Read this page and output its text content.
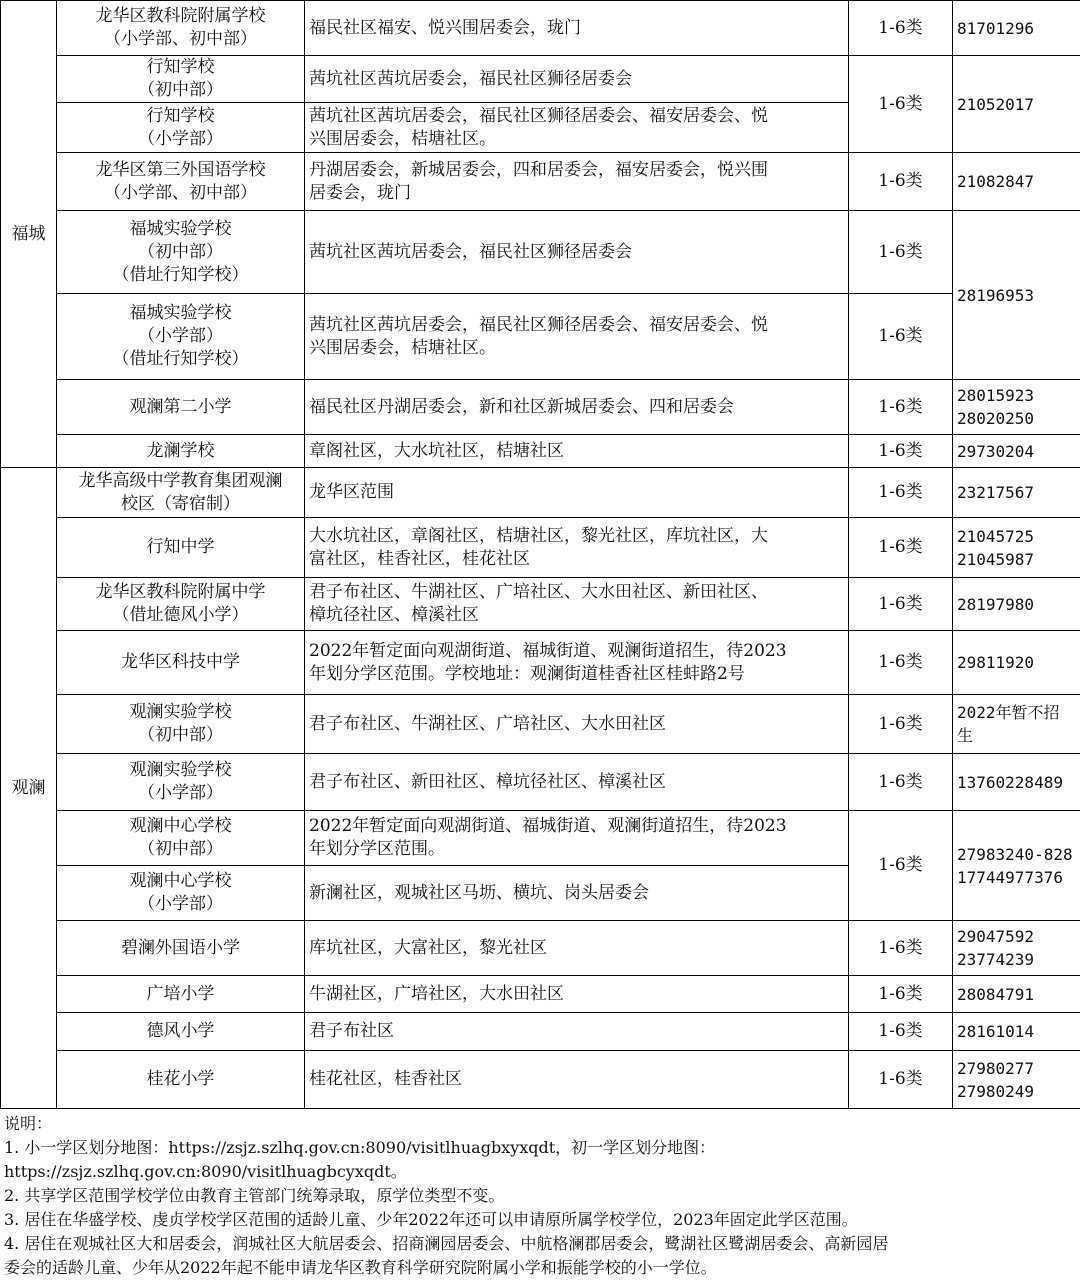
福城	龙华区教科院附属学校
（小学部、初中部）	福民社区福安、悦兴围居委会，珑门	1-6类	81701296

	行知学校
（初中部）	茜坑社区茜坑居委会，福民社区狮径居委会	1-6类	21052017

	行知学校
（小学部）	茜坑社区茜坑居委会，福民社区狮径居委会、福安居委会、悦
兴围居委会，桔塘社区。		

	龙华区第三外国语学校
（小学部、初中部）	丹湖居委会，新城居委会，四和居委会，福安居委会，悦兴围
居委会，珑门	1-6类	21082847

	福城实验学校
（初中部）
（借址行知学校）	茜坑社区茜坑居委会，福民社区狮径居委会	1-6类	28196953

	福城实验学校
（小学部）
（借址行知学校）	茜坑社区茜坑居委会，福民社区狮径居委会、福安居委会、悦
兴围居委会，桔塘社区。	1-6类	

	观澜第二小学	福民社区丹湖居委会，新和社区新城居委会、四和居委会	1-6类	28015923
28020250

	龙澜学校	章阁社区，大水坑社区，桔塘社区	1-6类	29730204

观澜	龙华高级中学教育集团观澜
校区（寄宿制）	龙华区范围	1-6类	23217567

	行知中学	大水坑社区，章阁社区，桔塘社区，黎光社区，库坑社区，大
富社区，桂香社区，桂花社区	1-6类	21045725
21045987

	龙华区教科院附属中学
（借址德风小学）	君子布社区、牛湖社区、广培社区、大水田社区、新田社区、
樟坑径社区、樟溪社区	1-6类	28197980

	龙华区科技中学	2022年暂定面向观湖街道、福城街道、观澜街道招生，待2023
年划分学区范围。学校地址：观澜街道桂香社区桂蚌路2号	1-6类	29811920

	观澜实验学校
（初中部）	君子布社区、牛湖社区、广培社区、大水田社区	1-6类	2022年暂不招
生

	观澜实验学校
（小学部）	君子布社区、新田社区、樟坑径社区、樟溪社区	1-6类	13760228489

	观澜中心学校
（初中部）	2022年暂定面向观湖街道、福城街道、观澜街道招生，待2023
年划分学区范围。	1-6类	27983240-828
17744977376

	观澜中心学校
（小学部）	新澜社区，观城社区马坜、横坑、岗头居委会		

	碧澜外国语小学	库坑社区，大富社区，黎光社区	1-6类	29047592
23774239

	广培小学	牛湖社区，广培社区，大水田社区	1-6类	28084791

	德风小学	君子布社区	1-6类	28161014

	桂花小学	桂花社区，桂香社区	1-6类	27980277
27980249
说明：
1. 小一学区划分地图：https://zsjz.szlhq.gov.cn:8090/visitlhuagbxyxqdt，初一学区划分地图：
https://zsjz.szlhq.gov.cn:8090/visitlhuagbcyxqdt。
2. 共享学区范围学校学位由教育主管部门统筹录取，原学位类型不变。
3. 居住在华盛学校、虔贞学校学区范围的适龄儿童、少年2022年还可以申请原所属学校学位，2023年固定此学区范围。
4. 居住在观城社区大和居委会，润城社区大航居委会、招商澜园居委会、中航格澜郡居委会，鹭湖社区鹭湖居委会、高新园居
委会的适龄儿童、少年从2022年起不能申请龙华区教育科学研究院附属小学和振能学校的小一学位。
